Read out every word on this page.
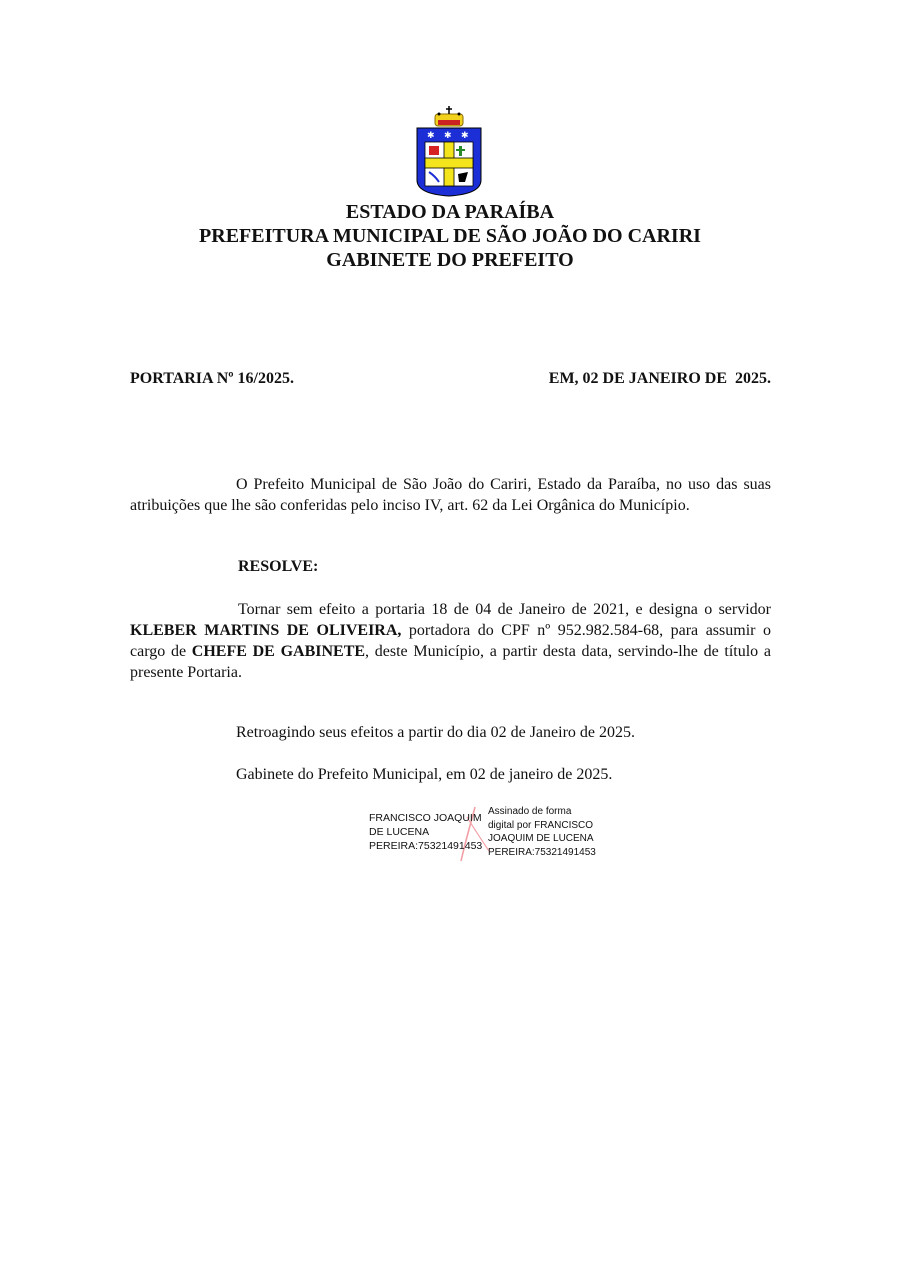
✱ ✱ ✱
ESTADO DA PARAÍBA
PREFEITURA MUNICIPAL DE SÃO JOÃO DO CARIRI
GABINETE DO PREFEITO
PORTARIA Nº 16/2025.	EM, 02 DE JANEIRO DE  2025.
O Prefeito Municipal de São João do Cariri, Estado da Paraíba, no uso das suas atribuições que lhe são conferidas pelo inciso IV, art. 62 da Lei Orgânica do Município.
RESOLVE:
Tornar sem efeito a portaria 18 de 04 de Janeiro de 2021, e designa o servidor KLEBER MARTINS DE OLIVEIRA, portadora do CPF nº 952.982.584-68, para assumir o cargo de CHEFE DE GABINETE, deste Município, a partir desta data, servindo-lhe de título a presente Portaria.
Retroagindo seus efeitos a partir do dia 02 de Janeiro de 2025.
Gabinete do Prefeito Municipal, em 02 de janeiro de 2025.
FRANCISCO JOAQUIM
DE LUCENA
PEREIRA:75321491453
Assinado de forma
digital por FRANCISCO
JOAQUIM DE LUCENA
PEREIRA:75321491453
